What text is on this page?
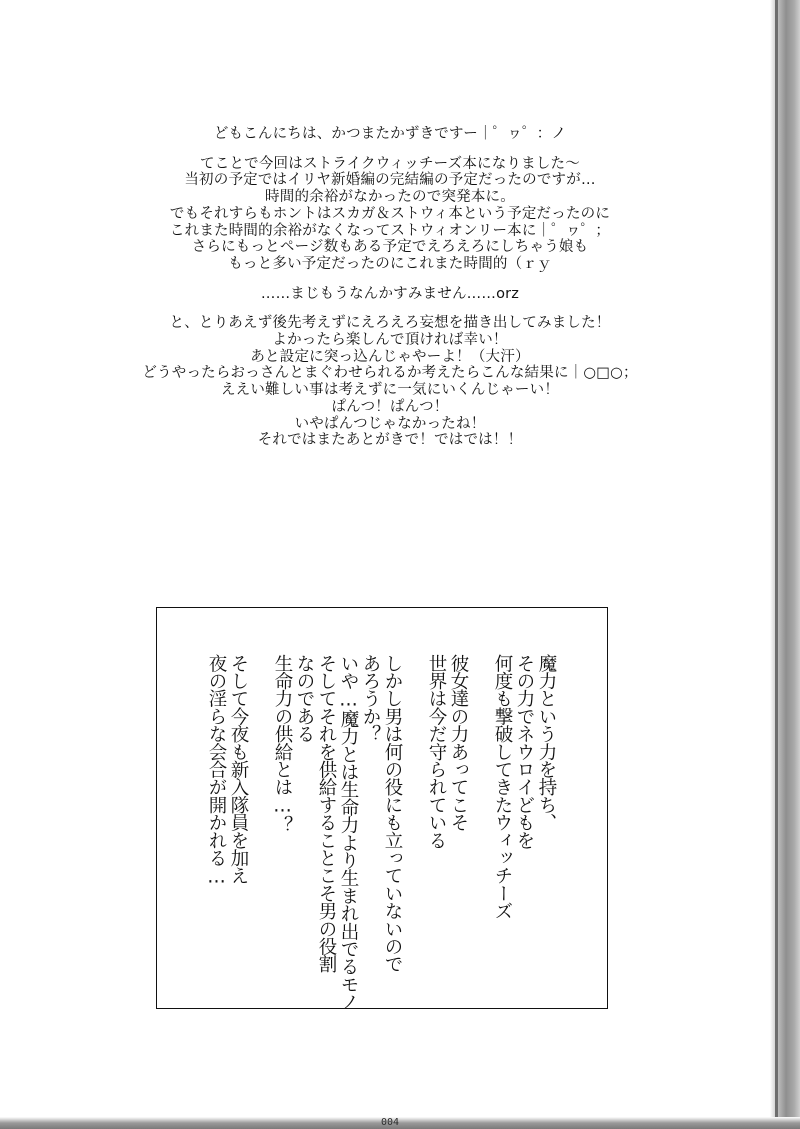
004
どもこんにちは、かつまたかずきですー｜゜ヮ゜：ノ
てことで今回はストライクウィッチーズ本になりました～
当初の予定ではイリヤ新婚編の完結編の予定だったのですが…
時間的余裕がなかったので突発本に。
でもそれすらもホントはスカガ＆ストウィ本という予定だったのに
これまた時間的余裕がなくなってストウィオンリー本に｜゜ヮ゜；
さらにもっとページ数もある予定でえろえろにしちゃう娘も
もっと多い予定だったのにこれまた時間的（ｒｙ
……まじもうなんかすみません……orz
と、とりあえず後先考えずにえろえろ妄想を描き出してみました！
よかったら楽しんで頂ければ幸い！
あと設定に突っ込んじゃやーよ！（大汗）
どうやったらおっさんとまぐわせられるか考えたらこんな結果に｜○□○；
ええい難しい事は考えずに一気にいくんじゃーい！
ぱんつ！ぱんつ！
いやぱんつじゃなかったね！
それではまたあとがきで！ではでは！！
魔力という力を持ち、
その力でネウロイどもを
何度も撃破してきたウィッチーズ
彼女達の力あってこそ
世界は今だ守られている
しかし男は何の役にも立っていないので
あろうか？
いや…魔力とは生命力より生まれ出でるモノ
そしてそれを供給することこそ男の役割
なのである
生命力の供給とは…？
そして今夜も新入隊員を加え
夜の淫らな会合が開かれる…
